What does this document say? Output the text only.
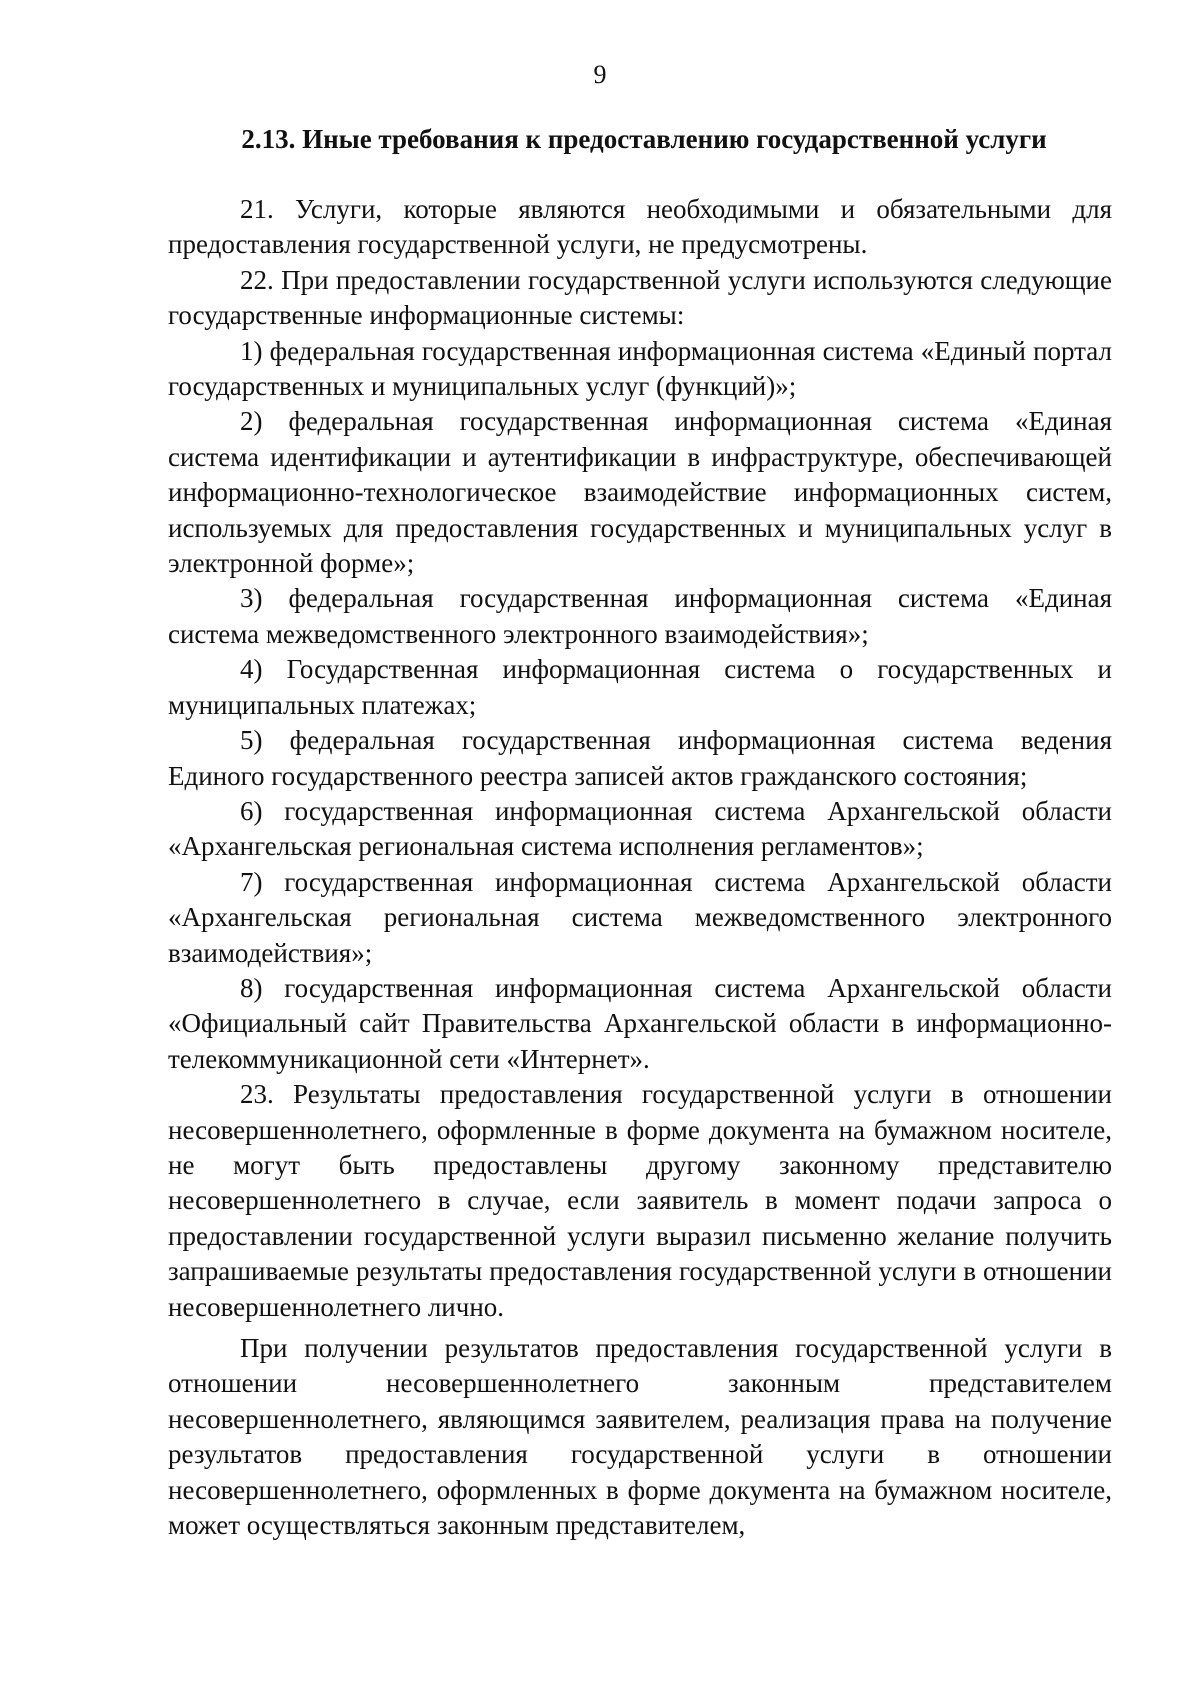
9
2.13. Иные требования к предоставлению государственной услуги

21. Услуги, которые являются необходимыми и обязательными для предоставления государственной услуги, не предусмотрены.

22. При предоставлении государственной услуги используются следующие государственные информационные системы:

1) федеральная государственная информационная система «Единый портал государственных и муниципальных услуг (функций)»;

2) федеральная государственная информационная система «Единая система идентификации и аутентификации в инфраструктуре, обеспечивающей информационно-технологическое взаимодействие информационных систем, используемых для предоставления государственных и муниципальных услуг в электронной форме»;

3) федеральная государственная информационная система «Единая система межведомственного электронного взаимодействия»;

4) Государственная информационная система о государственных и муниципальных платежах;

5) федеральная государственная информационная система ведения Единого государственного реестра записей актов гражданского состояния;

6) государственная информационная система Архангельской области «Архангельская региональная система исполнения регламентов»;

7) государственная информационная система Архангельской области «Архангельская региональная система межведомственного электронного взаимодействия»;

8) государственная информационная система Архангельской области «Официальный сайт Правительства Архангельской области в информационно-телекоммуникационной сети «Интернет».

23. Результаты предоставления государственной услуги в отношении несовершеннолетнего, оформленные в форме документа на бумажном носителе, не могут быть предоставлены другому законному представителю несовершеннолетнего в случае, если заявитель в момент подачи запроса о предоставлении государственной услуги выразил письменно желание получить запрашиваемые результаты предоставления государственной услуги в отношении несовершеннолетнего лично.

При получении результатов предоставления государственной услуги в отношении несовершеннолетнего законным представителем несовершеннолетнего, являющимся заявителем, реализация права на получение результатов предоставления государственной услуги в отношении несовершеннолетнего, оформленных в форме документа на бумажном носителе, может осуществляться законным представителем,
